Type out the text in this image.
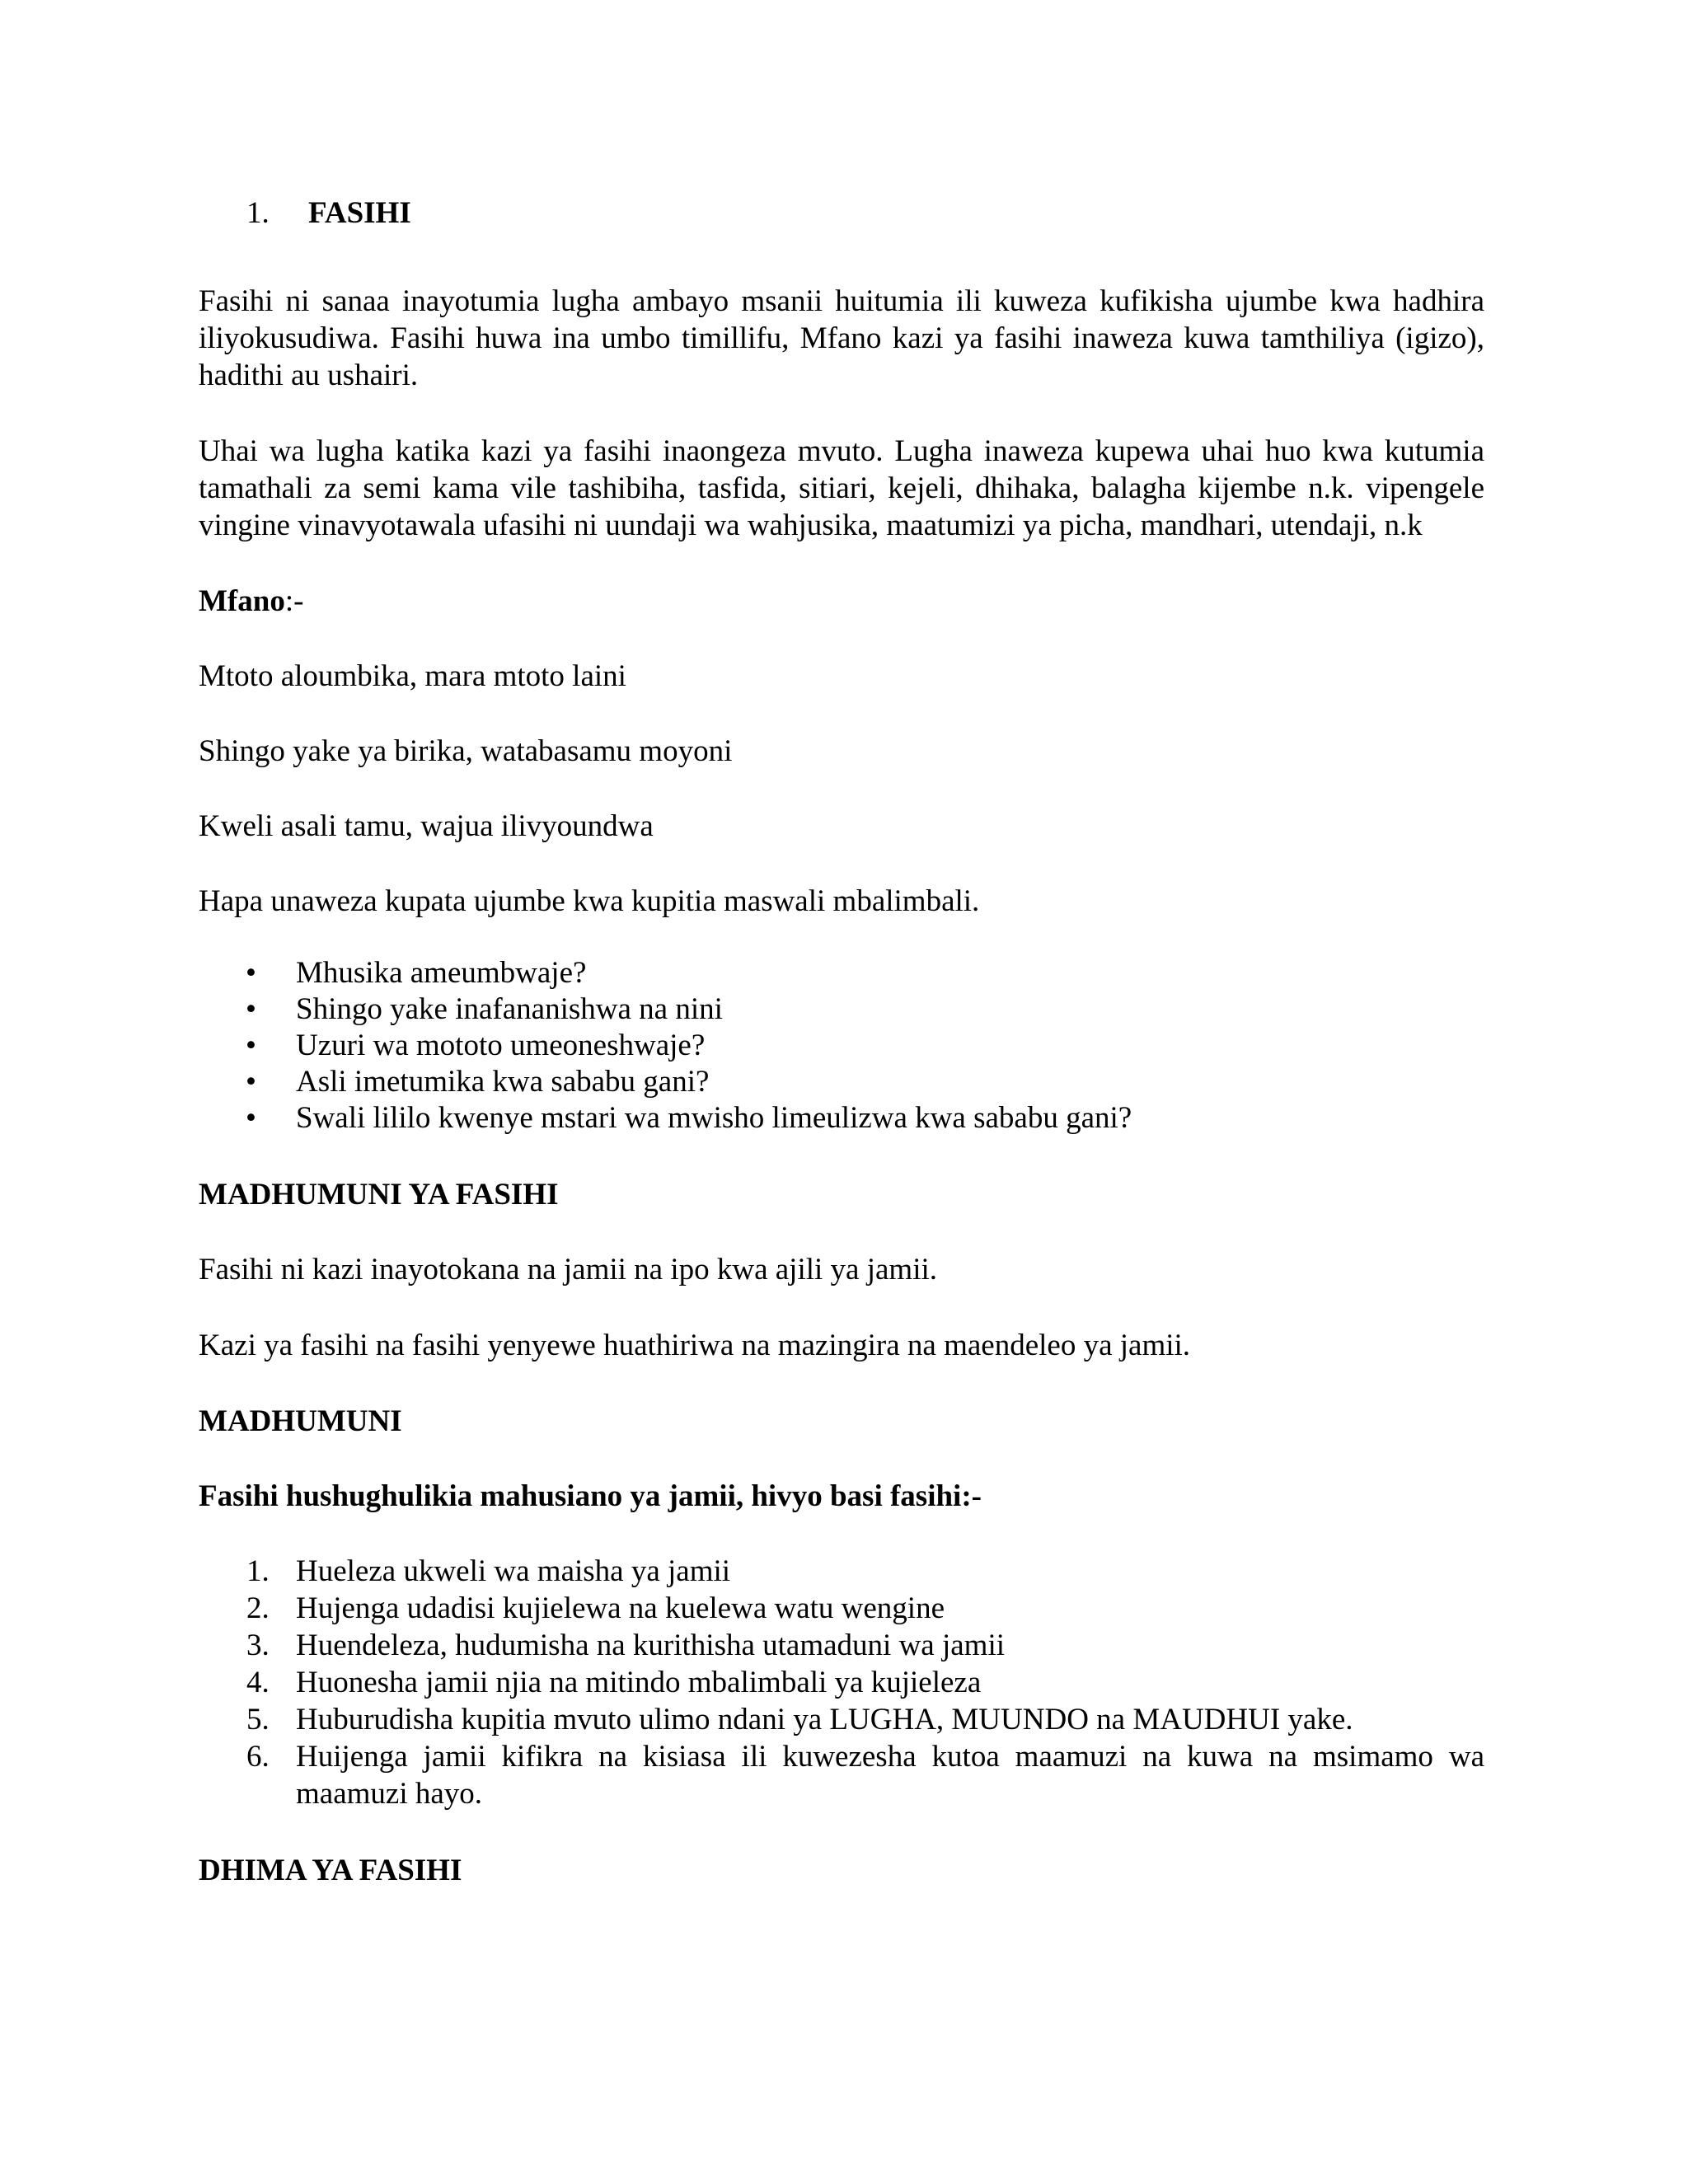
1.	FASIHI

Fasihi ni sanaa inayotumia lugha ambayo msanii huitumia ili kuweza kufikisha ujumbe kwa hadhira iliyokusudiwa. Fasihi huwa ina umbo timillifu, Mfano kazi ya fasihi inaweza kuwa tamthiliya (igizo), hadithi au ushairi.

Uhai wa lugha katika kazi ya fasihi inaongeza mvuto. Lugha inaweza kupewa uhai huo kwa kutumia tamathali za semi kama vile tashibiha, tasfida, sitiari, kejeli, dhihaka, balagha kijembe n.k. vipengele vingine vinavyotawala ufasihi ni uundaji wa wahjusika, maatumizi ya picha, mandhari, utendaji, n.k

Mfano:-

Mtoto aloumbika, mara mtoto laini

Shingo yake ya birika, watabasamu moyoni

Kweli asali tamu, wajua ilivyoundwa

Hapa unaweza kupata ujumbe kwa kupitia maswali mbalimbali.

•	Mhusika ameumbwaje?
•	Shingo yake inafananishwa na nini
•	Uzuri wa mototo umeoneshwaje?
•	Asli imetumika kwa sababu gani?
•	Swali lililo kwenye mstari wa mwisho limeulizwa kwa sababu gani?

MADHUMUNI YA FASIHI

Fasihi ni kazi inayotokana na jamii na ipo kwa ajili ya jamii.

Kazi ya fasihi na fasihi yenyewe huathiriwa na mazingira na maendeleo ya jamii.

MADHUMUNI

Fasihi hushughulikia mahusiano ya jamii, hivyo basi fasihi:-

1. Hueleza ukweli wa maisha ya jamii
2. Hujenga udadisi kujielewa na kuelewa watu wengine
3. Huendeleza, hudumisha na kurithisha utamaduni wa jamii
4. Huonesha jamii njia na mitindo mbalimbali ya kujieleza
5. Huburudisha kupitia mvuto ulimo ndani ya LUGHA, MUUNDO na MAUDHUI yake.
6. Huijenga jamii kifikra na kisiasa ili kuwezesha kutoa maamuzi na kuwa na msimamo wa maamuzi hayo.

DHIMA YA FASIHI
